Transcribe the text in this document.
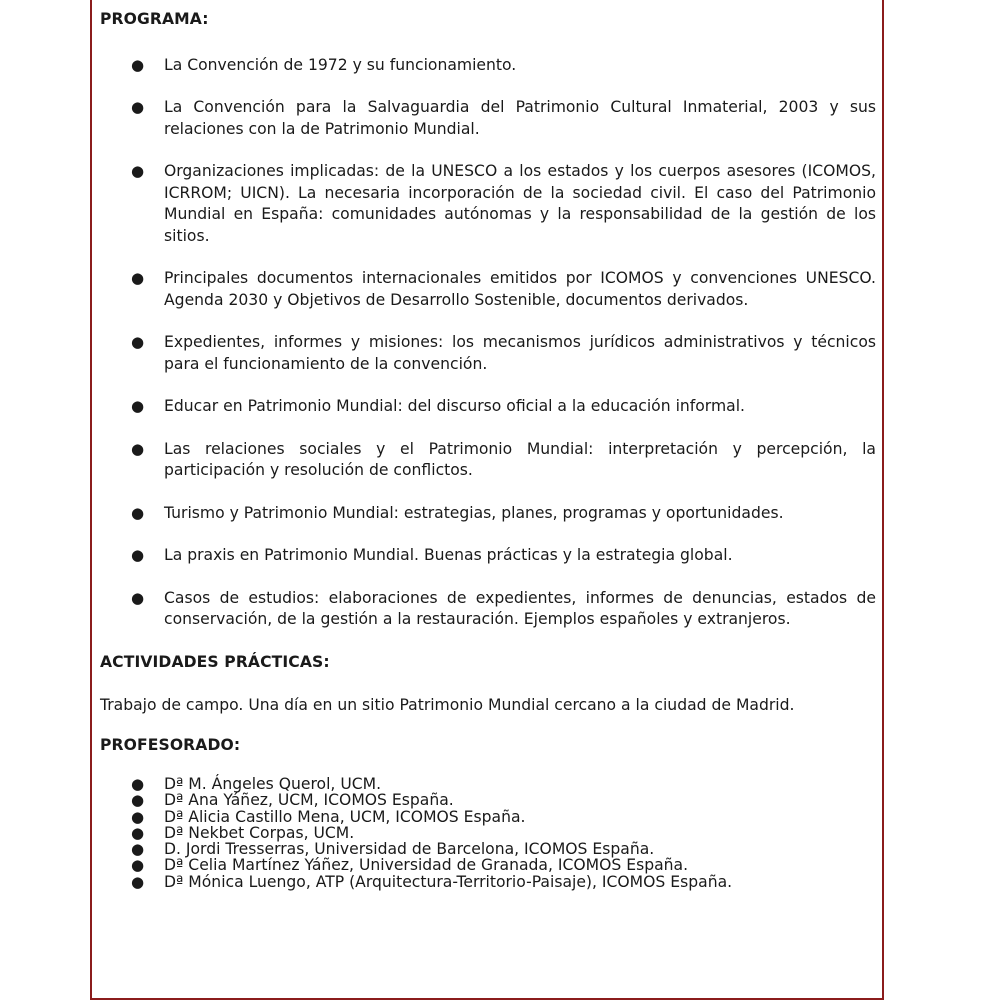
PROGRAMA:
● La Convención de 1972 y su funcionamiento.
● La Convención para la Salvaguardia del Patrimonio Cultural Inmaterial, 2003 y sus relaciones con la de Patrimonio Mundial.
● Organizaciones implicadas: de la UNESCO a los estados y los cuerpos asesores (ICOMOS, ICRROM; UICN). La necesaria incorporación de la sociedad civil. El caso del Patrimonio Mundial en España: comunidades autónomas y la responsabilidad de la gestión de los sitios.
● Principales documentos internacionales emitidos por ICOMOS y convenciones UNESCO. Agenda 2030 y Objetivos de Desarrollo Sostenible, documentos derivados.
● Expedientes, informes y misiones: los mecanismos jurídicos administrativos y técnicos para el funcionamiento de la convención.
● Educar en Patrimonio Mundial: del discurso oficial a la educación informal.
● Las relaciones sociales y el Patrimonio Mundial: interpretación y percepción, la participación y resolución de conflictos.
● Turismo y Patrimonio Mundial: estrategias, planes, programas y oportunidades.
● La praxis en Patrimonio Mundial. Buenas prácticas y la estrategia global.
● Casos de estudios: elaboraciones de expedientes, informes de denuncias, estados de conservación, de la gestión a la restauración. Ejemplos españoles y extranjeros.
ACTIVIDADES PRÁCTICAS:

Trabajo de campo. Una día en un sitio Patrimonio Mundial cercano a la ciudad de Madrid.

PROFESORADO:
● Dª M. Ángeles Querol, UCM.
● Dª Ana Yáñez, UCM, ICOMOS España.
● Dª Alicia Castillo Mena, UCM, ICOMOS España.
● Dª Nekbet Corpas, UCM.
● D. Jordi Tresserras, Universidad de Barcelona, ICOMOS España.
● Dª Celia Martínez Yáñez, Universidad de Granada, ICOMOS España.
● Dª Mónica Luengo, ATP (Arquitectura-Territorio-Paisaje), ICOMOS España.
